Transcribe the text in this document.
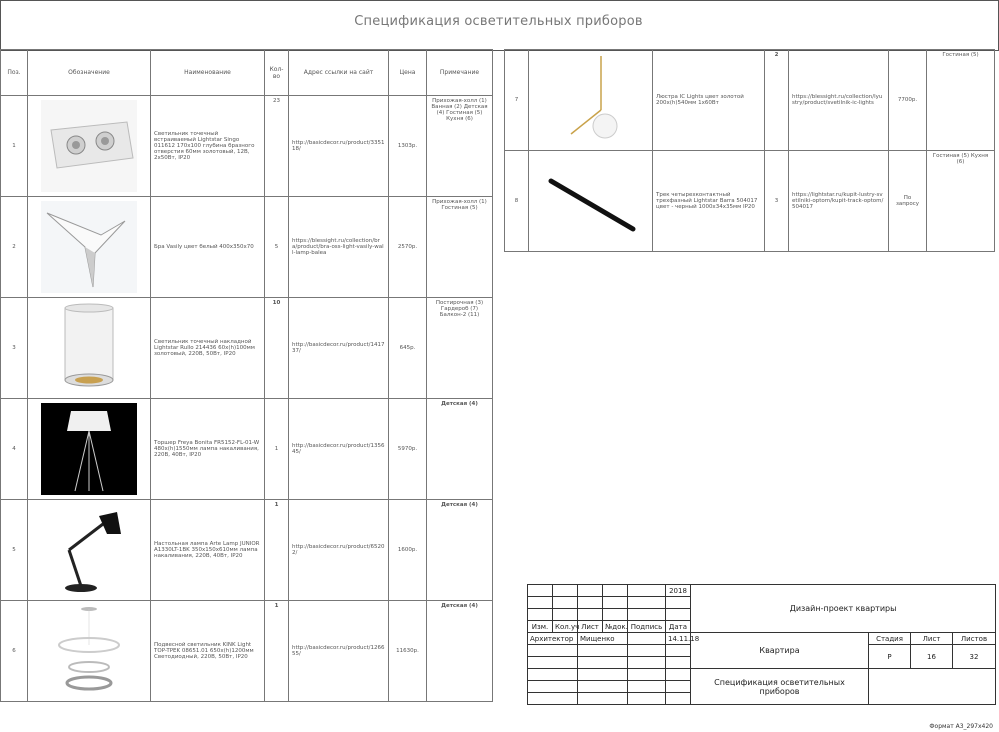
Спецификация осветительных приборов
Поз.	Обозначение	Наименование	Кол-во	Адрес ссылки на сайт	Цена	Примечание
1		Светильник точечный встраиваемый Lightstar Singo 011612 170х100 глубина бразного отверстия 60мм золотовый, 12В, 2х50Вт, IP20	23	http://basicdecor.ru/product/335118/	1303р.	Прихожая-холл (1) Ванная (2) Детская (4) Гостиная (5) Кухня (6)
2		Бра Vasily цвет белый 400х350х70	5	https://blessight.ru/collection/bra/product/bra-oss-light-vasily-wall-lamp-balea	2570р.	Прихожая-холл (1) Гостиная (5)
3		Светильник точечный накладной Lightstar Rullo 214436 60х(h)100мм золотовый, 220В, 50Вт, IP20	10	http://basicdecor.ru/product/141737/	645р.	Постирочная (3) Гардероб (7) Балкон-2 (11)
4		Торшер Freya Bonita FR5152-FL-01-W 480х(h)1550мм лампа накаливания, 220В, 40Вт, IP20	1	http://basicdecor.ru/product/135645/	5970р.	Детская (4)
5		Настольная лампа Arte Lamp JUNIOR A1330LT-1BK 350х150х610мм лампа накаливания, 220В, 40Вт, IP20	1	http://basicdecor.ru/product/65202/	1600р.	Детская (4)
6		Подвесной светильник KINK Light TOP-TPEK 08651.01 650х(h)1200мм Светодиодный, 220В, 50Вт, IP20	1	http://basicdecor.ru/product/126655/	11630р.	Детская (4)
7		Люстра IC Lights цвет золотой 200х(h)540мм 1х60Вт	2	https://blessight.ru/collection/lyustry/product/svetilnik-ic-lights	7700р.	Гостиная (5)
8		Трек четырехконтактный трехфазный Lightstar Barra 504017 цвет - черный 1000х34х35мм IP20	3	https://lightstar.ru/kupit-lustry-svetilniki-optom/kupit-track-optom/504017	По запросу	Гостиная (5) Кухня (6)
					2018	Дизайн-проект квартиры			

Изм.	Кол.уч	Лист	№док.	Подпись	Дата				
Архитектор		Мищенко			14.11.18	Квартира	Стадия	Лист	Листов
							Р	16	32

						Спецификация осветительных приборов			

Формат А3_297х420
